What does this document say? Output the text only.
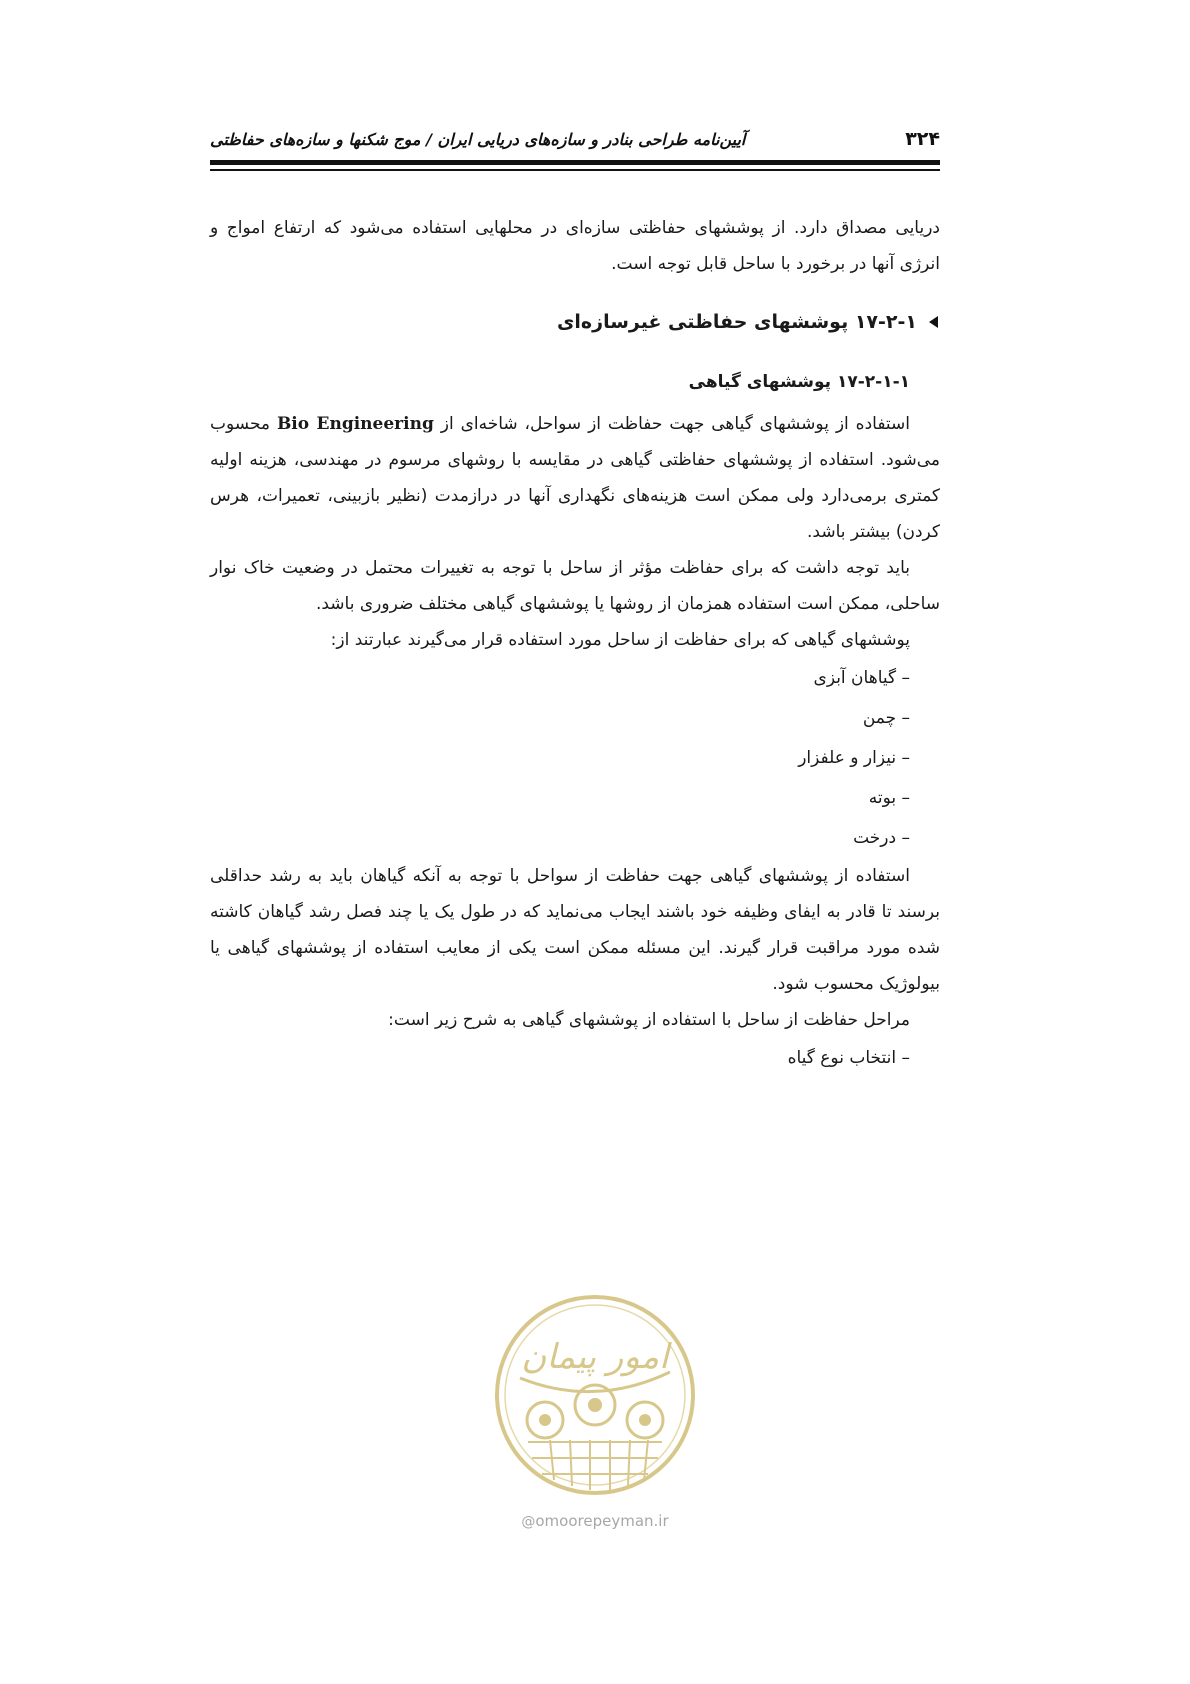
آیین‌نامه طراحی بنادر و سازه‌های دریایی ایران / موج شکنها و سازه‌های حفاظتی	۳۲۴

دریایی مصداق دارد. از پوششهای حفاظتی سازه‌ای در محلهایی استفاده می‌شود که ارتفاع امواج و انرژی آنها در برخورد با ساحل قابل توجه است.

۱۷-۲-۱ پوششهای حفاظتی غیرسازه‌ای
۱۷-۲-۱-۱ پوششهای گیاهی

استفاده از پوششهای گیاهی جهت حفاظت از سواحل، شاخه‌ای از Bio Engineering محسوب می‌شود. استفاده از پوششهای حفاظتی گیاهی در مقایسه با روشهای مرسوم در مهندسی، هزینه اولیه کمتری برمی‌دارد ولی ممکن است هزینه‌های نگهداری آنها در درازمدت (نظیر بازبینی، تعمیرات، هرس کردن) بیشتر باشد.

باید توجه داشت که برای حفاظت مؤثر از ساحل با توجه به تغییرات محتمل در وضعیت خاک نوار ساحلی، ممکن است استفاده همزمان از روشها یا پوششهای گیاهی مختلف ضروری باشد.

پوششهای گیاهی که برای حفاظت از ساحل مورد استفاده قرار می‌گیرند عبارتند از:

– گیاهان آبزی
– چمن
– نیزار و علفزار
– بوته
– درخت

استفاده از پوششهای گیاهی جهت حفاظت از سواحل با توجه به آنکه گیاهان باید به رشد حداقلی برسند تا قادر به ایفای وظیفه خود باشند ایجاب می‌نماید که در طول یک یا چند فصل رشد گیاهان کاشته شده مورد مراقبت قرار گیرند. این مسئله ممکن است یکی از معایب استفاده از پوششهای گیاهی یا بیولوژیک محسوب شود.

مراحل حفاظت از ساحل با استفاده از پوششهای گیاهی به شرح زیر است:

– انتخاب نوع گیاه
امور پیمان
@omoorepeyman.ir
